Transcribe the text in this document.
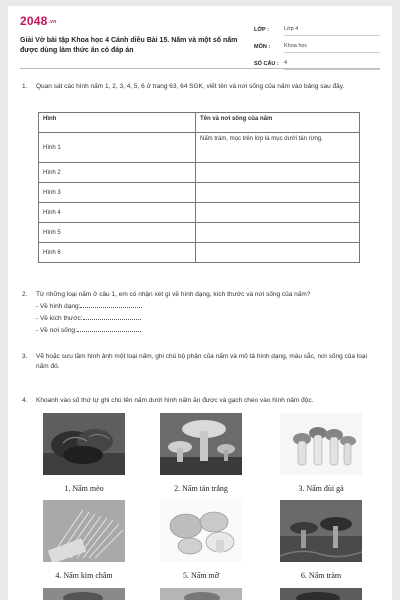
2048.vn
Giải Vở bài tập Khoa học 4 Cánh diều Bài 15. Nấm và một số nấm được dùng làm thức ăn có đáp án
LỚP :	Lớp 4
MÔN :	Khoa học
SỐ CÂU : 4
1. Quan sát các hình nấm 1, 2, 3, 4, 5, 6 ở trang 63, 64 SGK, viết tên và nơi sống của nấm vào bảng sau đây.
Hình	Tên và nơi sống của nấm
Hình 1	Nấm tràm, mọc trên lớp lá mục dưới tán rừng.
Hình 2	
Hình 3	
Hình 4	
Hình 5	
Hình 6	
2. Từ những loại nấm ở câu 1, em có nhận xét gì về hình dạng, kích thước và nơi sống của nấm?
- Về hình dạng:
- Về kích thước:
- Về nơi sống:
3. Vẽ hoặc sưu tầm hình ảnh một loại nấm, ghi chú bộ phận của nấm và mô tả hình dạng, màu sắc, nơi sống của loại nấm đó.
4. Khoanh vào số thứ tự ghi chú tên nấm dưới hình nấm ăn được và gạch chéo vào hình nấm độc.
1. Nấm mèo	2. Nấm tán trắng	3. Nấm đùi gà
4. Nấm kim châm	5. Nấm mỡ	6. Nấm tràm
